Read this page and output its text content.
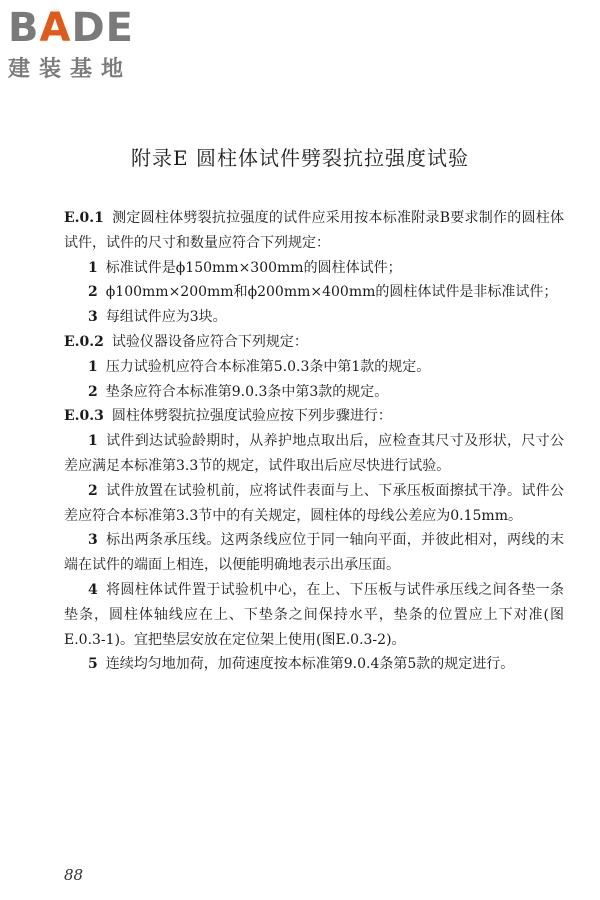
BADE
建装基地
附录E 圆柱体试件劈裂抗拉强度试验

E.0.1 测定圆柱体劈裂抗拉强度的试件应采用按本标准附录B要求制作的圆柱体试件，试件的尺寸和数量应符合下列规定：

1 标准试件是ϕ150mm×300mm的圆柱体试件；

2 ϕ100mm×200mm和ϕ200mm×400mm的圆柱体试件是非标准试件；

3 每组试件应为3块。

E.0.2 试验仪器设备应符合下列规定：

1 压力试验机应符合本标准第5.0.3条中第1款的规定。

2 垫条应符合本标准第9.0.3条中第3款的规定。

E.0.3 圆柱体劈裂抗拉强度试验应按下列步骤进行：

1 试件到达试验龄期时，从养护地点取出后，应检查其尺寸及形状，尺寸公差应满足本标准第3.3节的规定，试件取出后应尽快进行试验。

2 试件放置在试验机前，应将试件表面与上、下承压板面擦拭干净。试件公差应符合本标准第3.3节中的有关规定，圆柱体的母线公差应为0.15mm。

3 标出两条承压线。这两条线应位于同一轴向平面，并彼此相对，两线的末端在试件的端面上相连，以便能明确地表示出承压面。

4 将圆柱体试件置于试验机中心，在上、下压板与试件承压线之间各垫一条垫条，圆柱体轴线应在上、下垫条之间保持水平，垫条的位置应上下对准(图E.0.3-1)。宜把垫层安放在定位架上使用(图E.0.3-2)。

5 连续均匀地加荷，加荷速度按本标准第9.0.4条第5款的规定进行。

88
